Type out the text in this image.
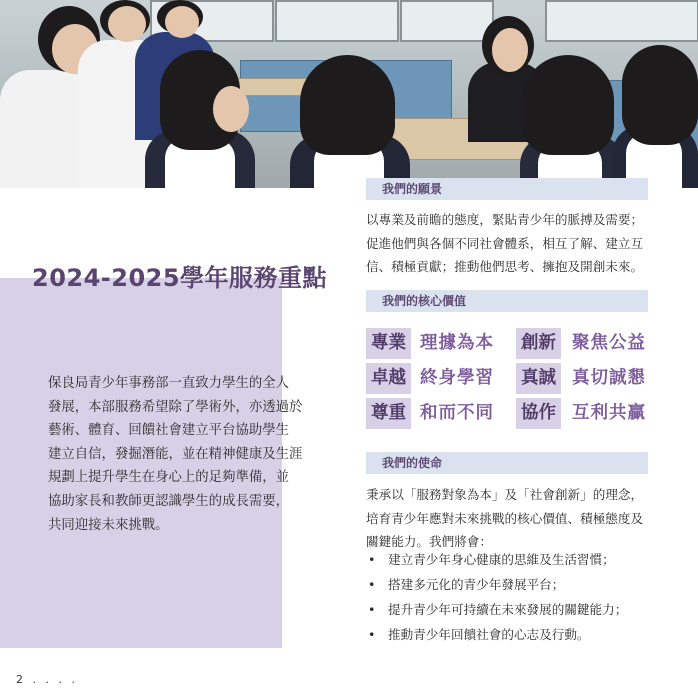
2024-2025學年服務重點
保良局青少年事務部一直致力學生的全人
發展，本部服務希望除了學術外，亦透過於
藝術、體育、回饋社會建立平台協助學生
建立自信，發掘潛能，並在精神健康及生涯
規劃上提升學生在身心上的足夠準備，並
協助家長和教師更認識學生的成長需要，
共同迎接未來挑戰。
我們的願景
以專業及前瞻的態度，緊貼青少年的脈搏及需要；
促進他們與各個不同社會體系，相互了解、建立互
信、積極貢獻；推動他們思考、擁抱及開創未來。
我們的核心價值
專業 理據為本
卓越 終身學習
尊重 和而不同
創新 聚焦公益
真誠 真切誠懇
協作 互利共贏
我們的使命
秉承以「服務對象為本」及「社會創新」的理念，
培育青少年應對未來挑戰的核心價值、積極態度及
關鍵能力。我們將會：
• 建立青少年身心健康的思維及生活習慣；
• 搭建多元化的青少年發展平台；
• 提升青少年可持續在未來發展的關鍵能力；
• 推動青少年回饋社會的心志及行動。
2 . . . .
